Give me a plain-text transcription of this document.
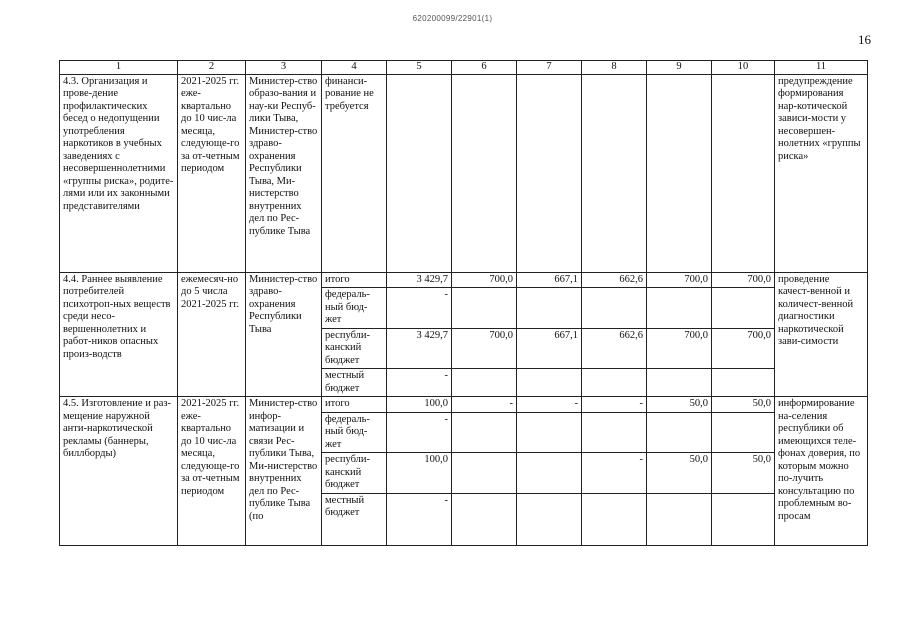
620200099/22901(1)
16
1	2	3	4	5	6	7	8	9	10	11
4.3. Организация и прове-дение профилактических бесед о недопущении употребления наркотиков в учебных заведениях с несовершеннолетними «группы риска», родите-лями или их законными представителями	2021-2025 гг. еже-квартально до 10 чис-ла месяца, следующе-го за от-четным периодом	Министер-ство образо-вания и нау-ки Респуб-лики Тыва, Министер-ство здраво-охранения Республики Тыва, Ми-нистерство внутренних дел по Рес-публике Тыва	финанси-рование не требуется							предупреждение формирования нар-котической зависи-мости у несовершен-нолетних «группы риска»
4.4. Раннее выявление потребителей психотроп-ных веществ среди несо-вершеннолетних и работ-ников опасных произ-водств	ежемесяч-но до 5 числа 2021-2025 гг.	Министер-ство здраво-охранения Республики Тыва	итого	3 429,7	700,0	667,1	662,6	700,0	700,0	проведение качест-венной и количест-венной диагностики наркотической зави-симости
			федераль-ный бюд-жет	-						
			республи-канский бюджет	3 429,7	700,0	667,1	662,6	700,0	700,0	
			местный бюджет	-						
4.5. Изготовление и раз-мещение наружной анти-наркотической рекламы (баннеры, биллборды)	2021-2025 гг. еже-квартально до 10 чис-ла месяца, следующе-го за от-четным периодом	Министер-ство инфор-матизации и связи Рес-публики Тыва, Ми-нистерство внутренних дел по Рес-публике Тыва (по	итого	100,0	-	-	-	50,0	50,0	информирование на-селения республики об имеющихся теле-фонах доверия, по которым можно по-лучить консультацию по проблемным во-просам
			федераль-ный бюд-жет	-						
			республи-канский бюджет	100,0			-	50,0	50,0	
			местный бюджет	-						
